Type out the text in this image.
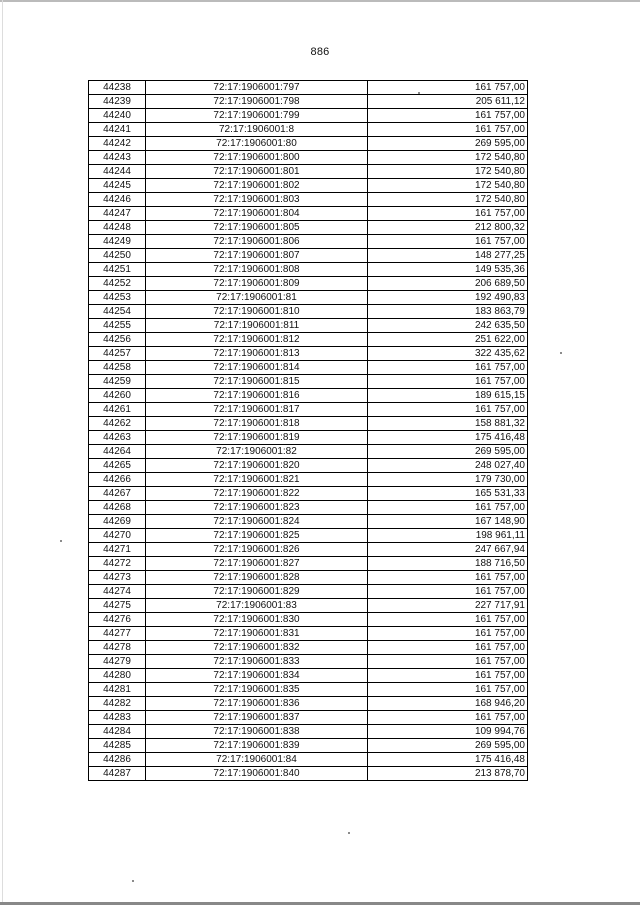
886
44238	72:17:1906001:797	161 757,00
44239	72:17:1906001:798	205 611,12
44240	72:17:1906001:799	161 757,00
44241	72:17:1906001:8	161 757,00
44242	72:17:1906001:80	269 595,00
44243	72:17:1906001:800	172 540,80
44244	72:17:1906001:801	172 540,80
44245	72:17:1906001:802	172 540,80
44246	72:17:1906001:803	172 540,80
44247	72:17:1906001:804	161 757,00
44248	72:17:1906001:805	212 800,32
44249	72:17:1906001:806	161 757,00
44250	72:17:1906001:807	148 277,25
44251	72:17:1906001:808	149 535,36
44252	72:17:1906001:809	206 689,50
44253	72:17:1906001:81	192 490,83
44254	72:17:1906001:810	183 863,79
44255	72:17:1906001:811	242 635,50
44256	72:17:1906001:812	251 622,00
44257	72:17:1906001:813	322 435,62
44258	72:17:1906001:814	161 757,00
44259	72:17:1906001:815	161 757,00
44260	72:17:1906001:816	189 615,15
44261	72:17:1906001:817	161 757,00
44262	72:17:1906001:818	158 881,32
44263	72:17:1906001:819	175 416,48
44264	72:17:1906001:82	269 595,00
44265	72:17:1906001:820	248 027,40
44266	72:17:1906001:821	179 730,00
44267	72:17:1906001:822	165 531,33
44268	72:17:1906001:823	161 757,00
44269	72:17:1906001:824	167 148,90
44270	72:17:1906001:825	198 961,11
44271	72:17:1906001:826	247 667,94
44272	72:17:1906001:827	188 716,50
44273	72:17:1906001:828	161 757,00
44274	72:17:1906001:829	161 757,00
44275	72:17:1906001:83	227 717,91
44276	72:17:1906001:830	161 757,00
44277	72:17:1906001:831	161 757,00
44278	72:17:1906001:832	161 757,00
44279	72:17:1906001:833	161 757,00
44280	72:17:1906001:834	161 757,00
44281	72:17:1906001:835	161 757,00
44282	72:17:1906001:836	168 946,20
44283	72:17:1906001:837	161 757,00
44284	72:17:1906001:838	109 994,76
44285	72:17:1906001:839	269 595,00
44286	72:17:1906001:84	175 416,48
44287	72:17:1906001:840	213 878,70
